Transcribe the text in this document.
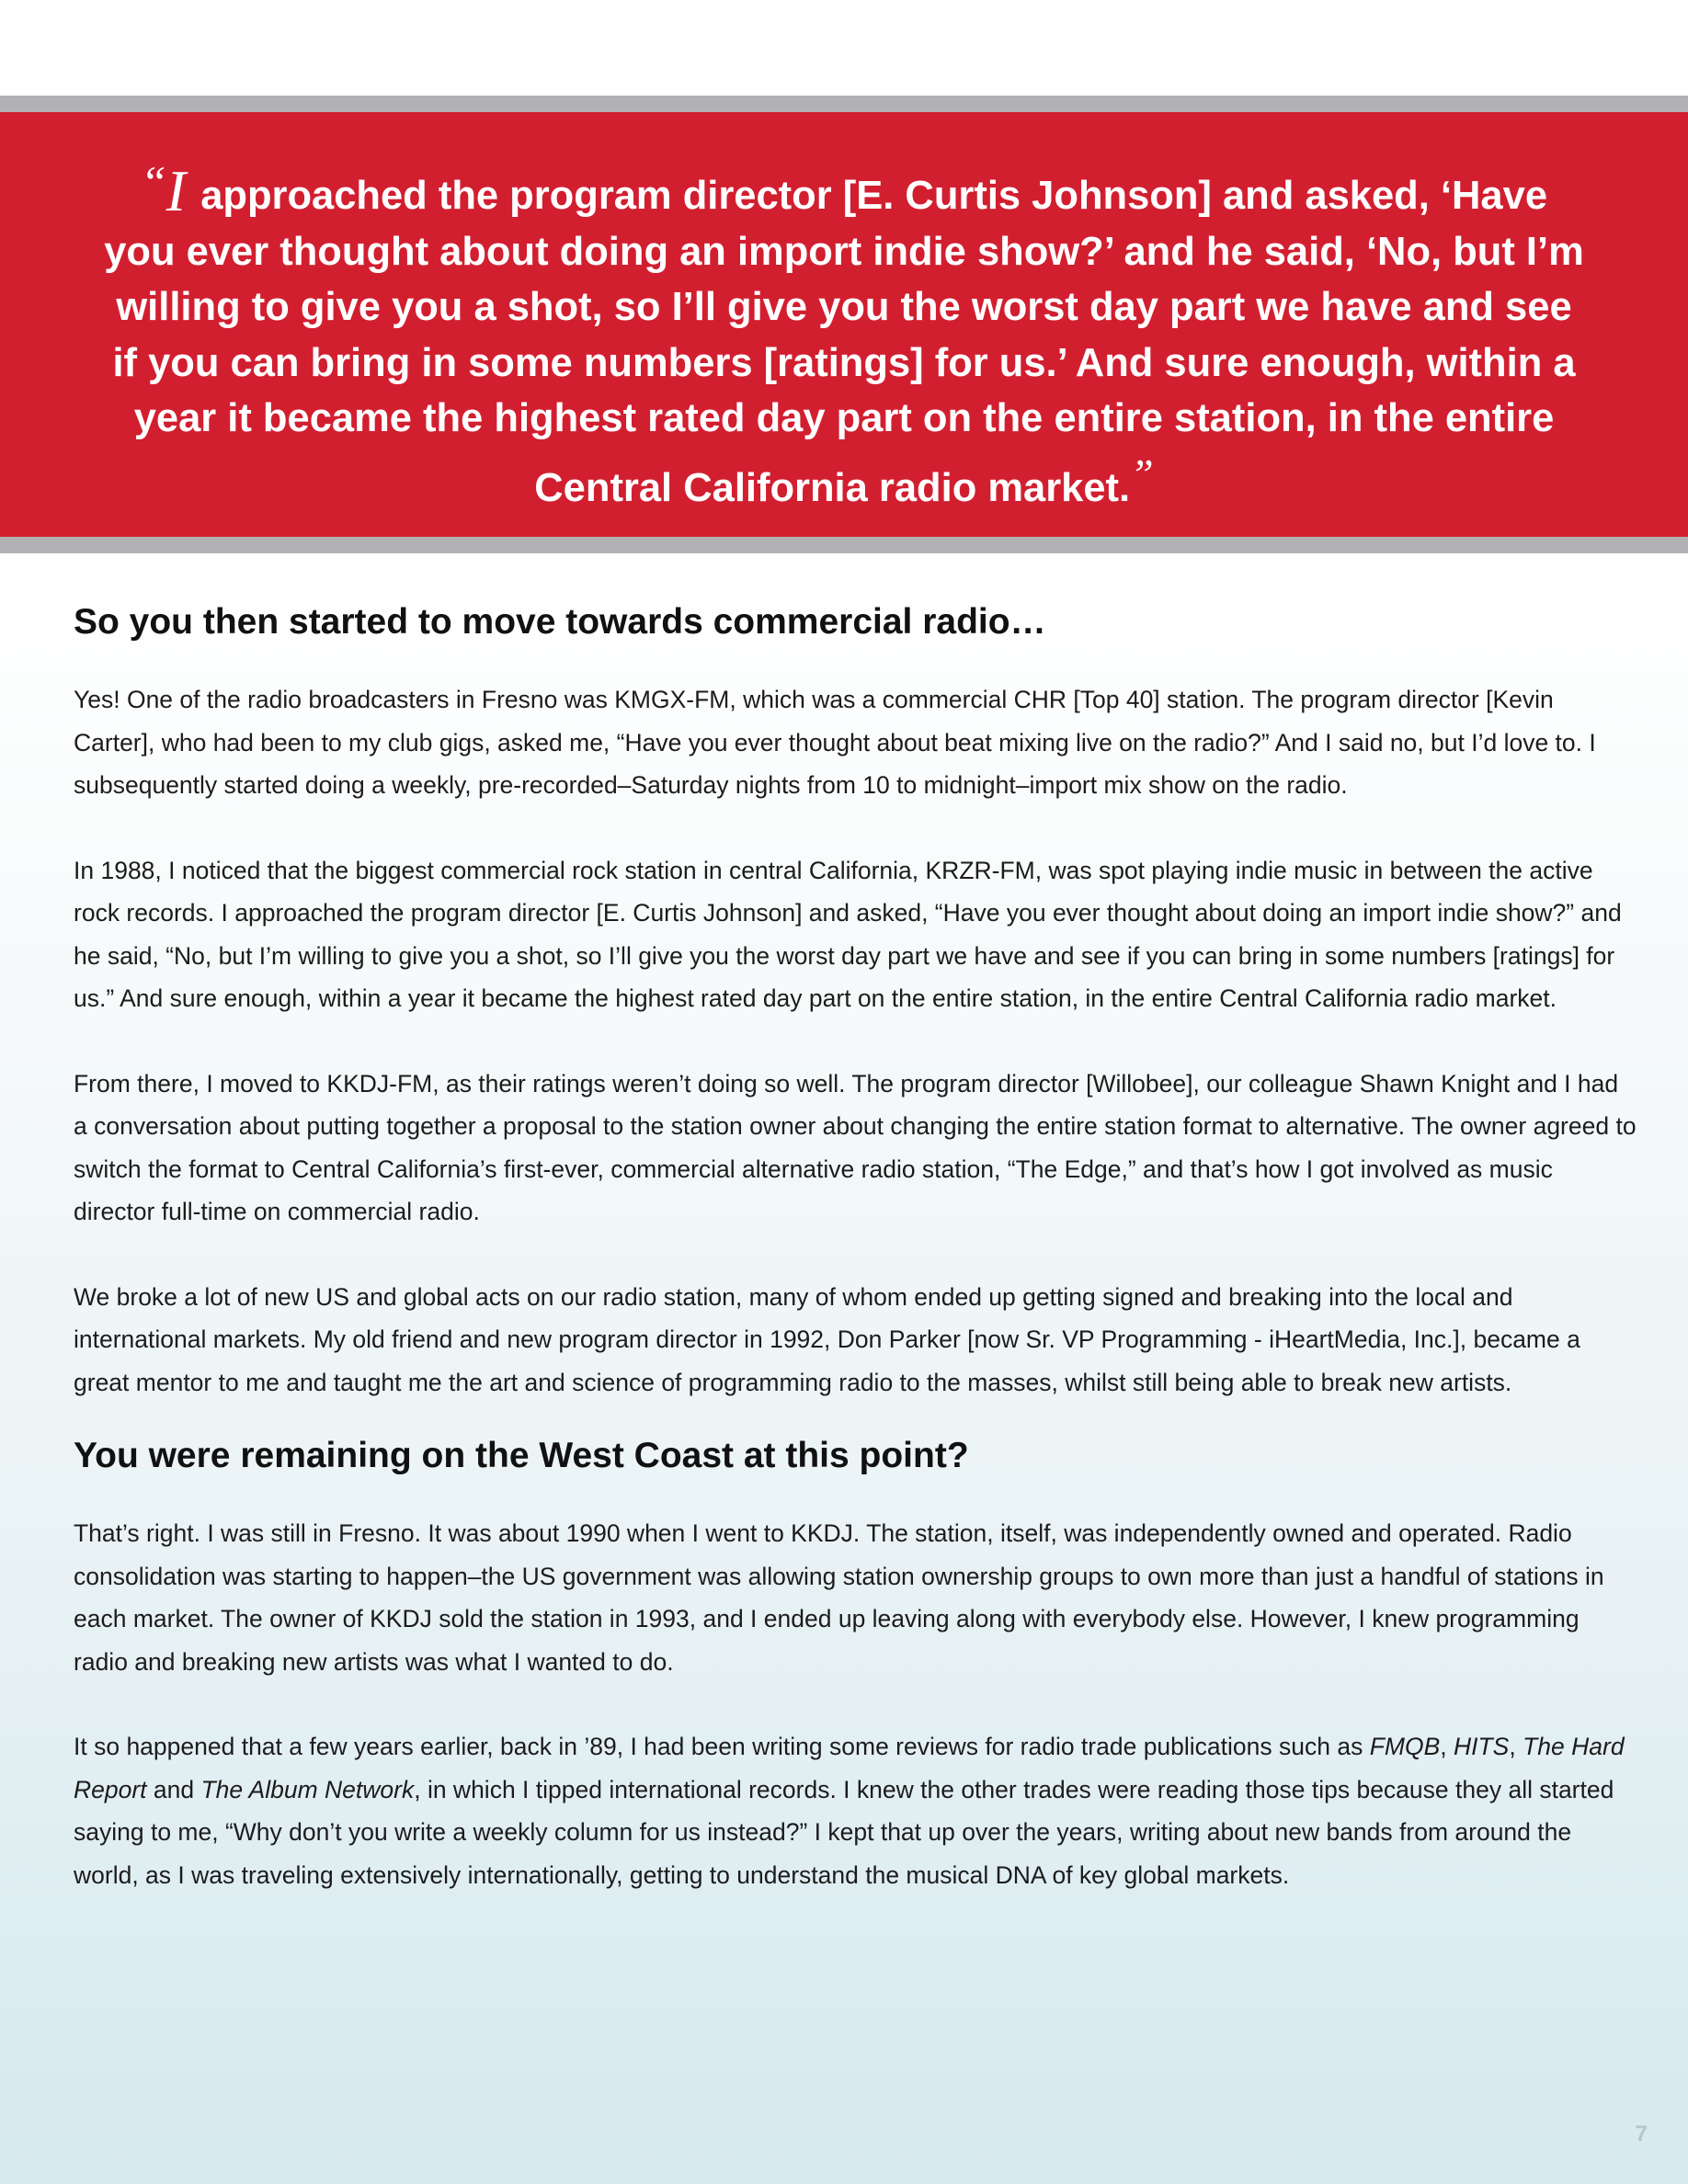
“I approached the program director [E. Curtis Johnson] and asked, ‘Have you ever thought about doing an import indie show?’ and he said, ‘No, but I’m willing to give you a shot, so I’ll give you the worst day part we have and see if you can bring in some numbers [ratings] for us.’ And sure enough, within a year it became the highest rated day part on the entire station, in the entire Central California radio market.”

So you then started to move towards commercial radio…

Yes! One of the radio broadcasters in Fresno was KMGX-FM, which was a commercial CHR [Top 40] station. The program director [Kevin Carter], who had been to my club gigs, asked me, “Have you ever thought about beat mixing live on the radio?” And I said no, but I’d love to. I subsequently started doing a weekly, pre-recorded–Saturday nights from 10 to midnight–import mix show on the radio.

In 1988, I noticed that the biggest commercial rock station in central California, KRZR-FM, was spot playing indie music in between the active rock records. I approached the program director [E. Curtis Johnson] and asked, “Have you ever thought about doing an import indie show?” and he said, “No, but I’m willing to give you a shot, so I’ll give you the worst day part we have and see if you can bring in some numbers [ratings] for us.” And sure enough, within a year it became the highest rated day part on the entire station, in the entire Central California radio market.

From there, I moved to KKDJ-FM, as their ratings weren’t doing so well. The program director [Willobee], our colleague Shawn Knight and I had a conversation about putting together a proposal to the station owner about changing the entire station format to alternative. The owner agreed to switch the format to Central California’s first-ever, commercial alternative radio station, “The Edge,” and that’s how I got involved as music director full-time on commercial radio.

We broke a lot of new US and global acts on our radio station, many of whom ended up getting signed and breaking into the local and international markets. My old friend and new program director in 1992, Don Parker [now Sr. VP Programming - iHeartMedia, Inc.], became a great mentor to me and taught me the art and science of programming radio to the masses, whilst still being able to break new artists.

You were remaining on the West Coast at this point?

That’s right. I was still in Fresno. It was about 1990 when I went to KKDJ. The station, itself, was independently owned and operated. Radio consolidation was starting to happen–the US government was allowing station ownership groups to own more than just a handful of stations in each market. The owner of KKDJ sold the station in 1993, and I ended up leaving along with everybody else. However, I knew programming radio and breaking new artists was what I wanted to do.

It so happened that a few years earlier, back in ’89, I had been writing some reviews for radio trade publications such as FMQB, HITS, The Hard Report and The Album Network, in which I tipped international records. I knew the other trades were reading those tips because they all started saying to me, “Why don’t you write a weekly column for us instead?” I kept that up over the years, writing about new bands from around the world, as I was traveling extensively internationally, getting to understand the musical DNA of key global markets.

7
